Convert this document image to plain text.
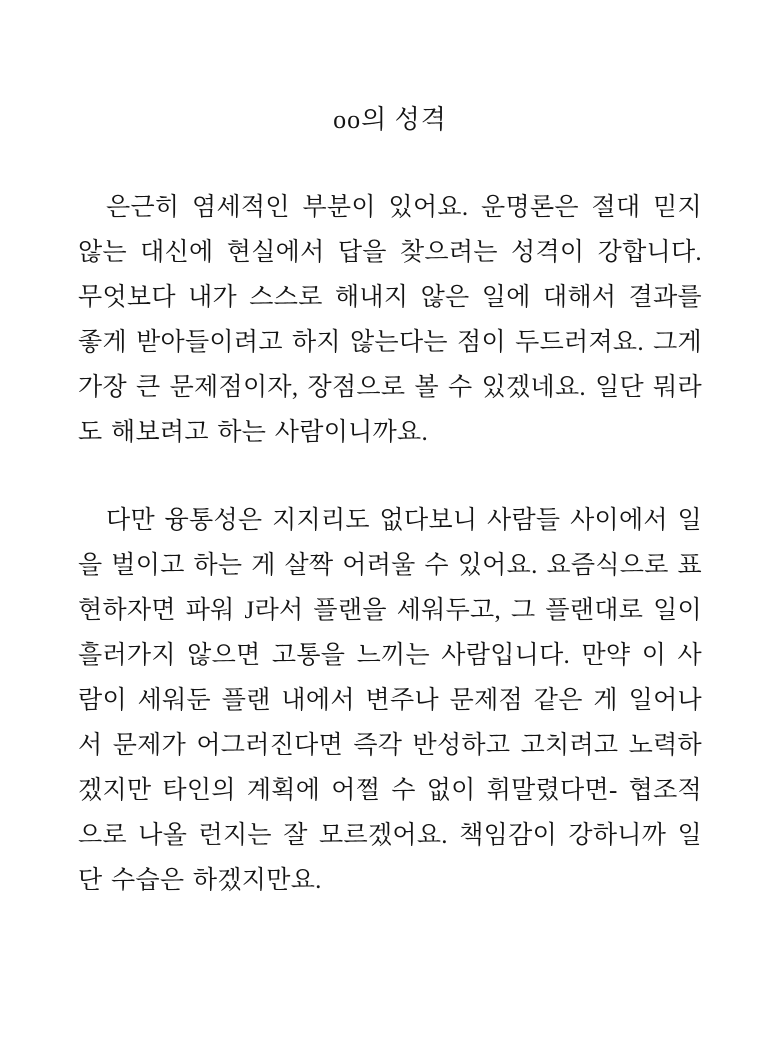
oo의 성격

은근히 염세적인 부분이 있어요. 운명론은 절대 믿지 않는 대신에 현실에서 답을 찾으려는 성격이 강합니다. 무엇보다 내가 스스로 해내지 않은 일에 대해서 결과를 좋게 받아들이려고 하지 않는다는 점이 두드러져요. 그게 가장 큰 문제점이자, 장점으로 볼 수 있겠네요. 일단 뭐라도 해보려고 하는 사람이니까요.

다만 융통성은 지지리도 없다보니 사람들 사이에서 일을 벌이고 하는 게 살짝 어려울 수 있어요. 요즘식으로 표현하자면 파워 J라서 플랜을 세워두고, 그 플랜대로 일이 흘러가지 않으면 고통을 느끼는 사람입니다. 만약 이 사람이 세워둔 플랜 내에서 변주나 문제점 같은 게 일어나서 문제가 어그러진다면 즉각 반성하고 고치려고 노력하겠지만 타인의 계획에 어쩔 수 없이 휘말렸다면- 협조적으로 나올 런지는 잘 모르겠어요. 책임감이 강하니까 일단 수습은 하겠지만요.
